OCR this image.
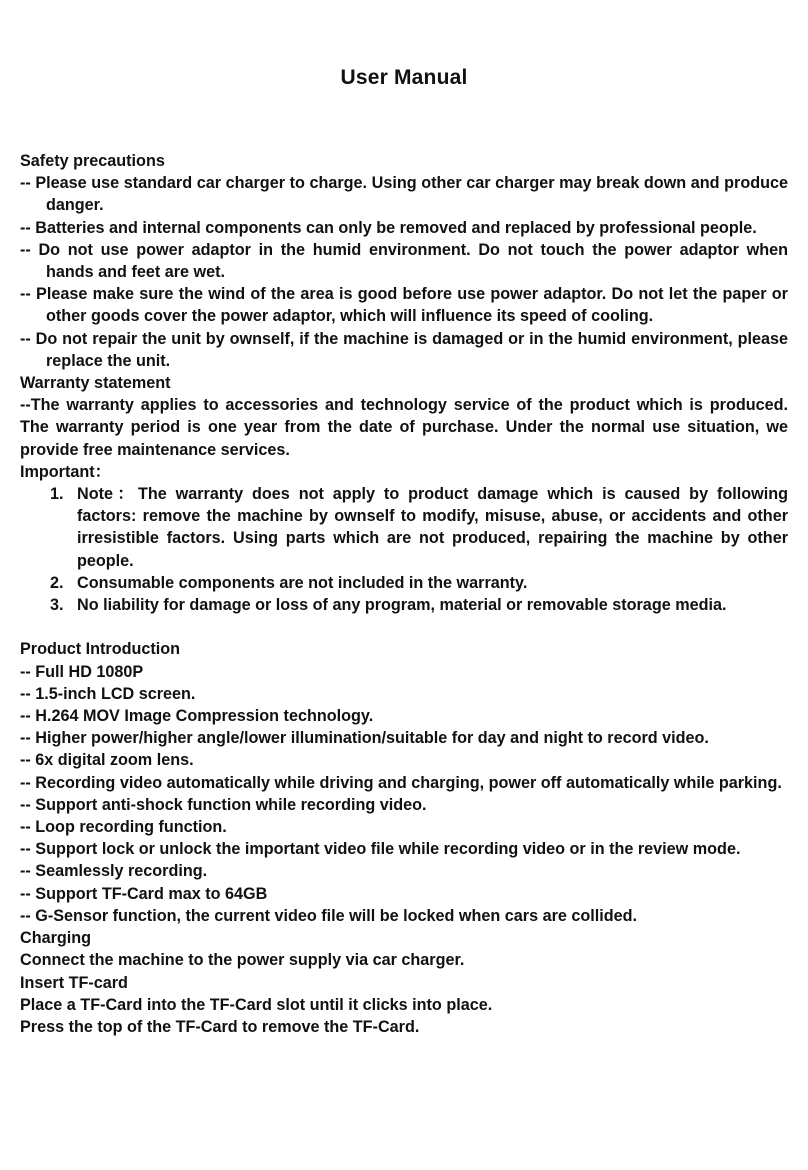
User Manual

Safety precautions

-- Please use standard car charger to charge. Using other car charger may break down and produce danger.

-- Batteries and internal components can only be removed and replaced by professional people.

-- Do not use power adaptor in the humid environment. Do not touch the power adaptor when hands and feet are wet.

-- Please make sure the wind of the area is good before use power adaptor. Do not let the paper or other goods cover the power adaptor, which will influence its speed of cooling.

-- Do not repair the unit by ownself, if the machine is damaged or in the humid environment, please replace the unit.

Warranty statement

--The warranty applies to accessories and technology service of the product which is produced. The warranty period is one year from the date of purchase. Under the normal use situation, we provide free maintenance services.

Important：

1. Note：The warranty does not apply to product damage which is caused by following factors: remove the machine by ownself to modify, misuse, abuse, or accidents and other irresistible factors. Using parts which are not produced, repairing the machine by other people.
2. Consumable components are not included in the warranty.
3. No liability for damage or loss of any program, material or removable storage media.

Product Introduction

-- Full HD 1080P

-- 1.5-inch LCD screen.

-- H.264 MOV Image Compression technology.

-- Higher power/higher angle/lower illumination/suitable for day and night to record video.

-- 6x digital zoom lens.

-- Recording video automatically while driving and charging, power off automatically while parking.

-- Support anti-shock function while recording video.

-- Loop recording function.

-- Support lock or unlock the important video file while recording video or in the review mode.

-- Seamlessly recording.

-- Support TF-Card max to 64GB

-- G-Sensor function, the current video file will be locked when cars are collided.

Charging

Connect the machine to the power supply via car charger.

Insert TF-card

Place a TF-Card into the TF-Card slot until it clicks into place.

Press the top of the TF-Card to remove the TF-Card.
